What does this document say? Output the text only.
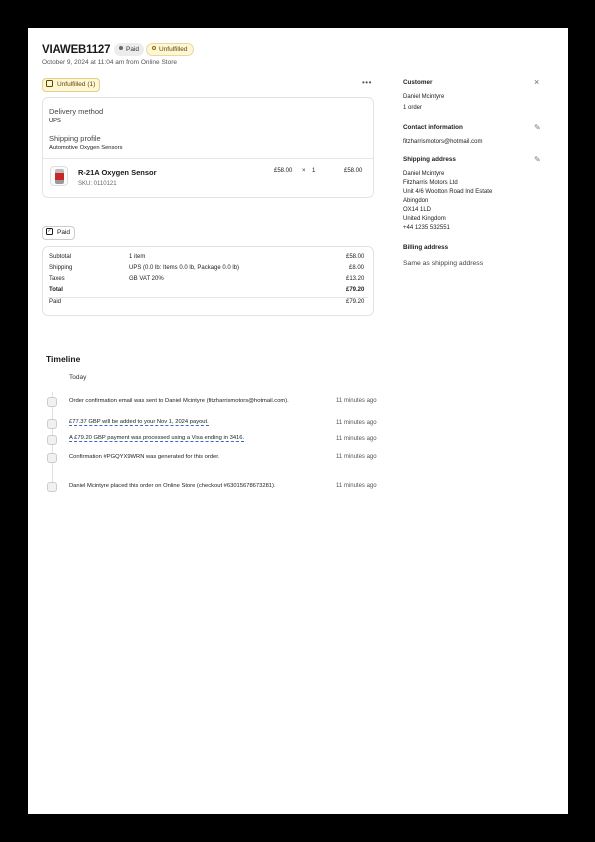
VIAWEB1127	Paid	Unfulfilled
October 9, 2024 at 11:04 am from Online Store
Unfulfilled (1)	•••
Delivery method
UPS
Shipping profile
Automotive Oxygen Sensors
R-21A Oxygen Sensor
SKU: 0110121
£58.00 × 1	£58.00
✓ Paid
Subtotal	1 item	£58.00
Shipping	UPS (0.0 lb: Items 0.0 lb, Package 0.0 lb)	£8.00
Taxes	GB VAT 20%	£13.20
Total	£79.20
Paid	£79.20
Timeline
Today
Order confirmation email was sent to Daniel Mcintyre (fitzharrismotors@hotmail.com).	11 minutes ago
£77.37 GBP will be added to your Nov 1, 2024 payout.	11 minutes ago
A £79.20 GBP payment was processed using a Visa ending in 3416.	11 minutes ago
Confirmation #PGQYX9WRN was generated for this order.	11 minutes ago
Daniel Mcintyre placed this order on Online Store (checkout #63015678673281).	11 minutes ago
Customer	×
Daniel Mcintyre
1 order
Contact information	✎
fitzharrismotors@hotmail.com
Shipping address	✎
Daniel Mcintyre
Fitzharris Motors Ltd
Unit 4/6 Wootton Road Ind Estate
Abingdon
OX14 1LD
United Kingdom
+44 1235 532551
Billing address
Same as shipping address
